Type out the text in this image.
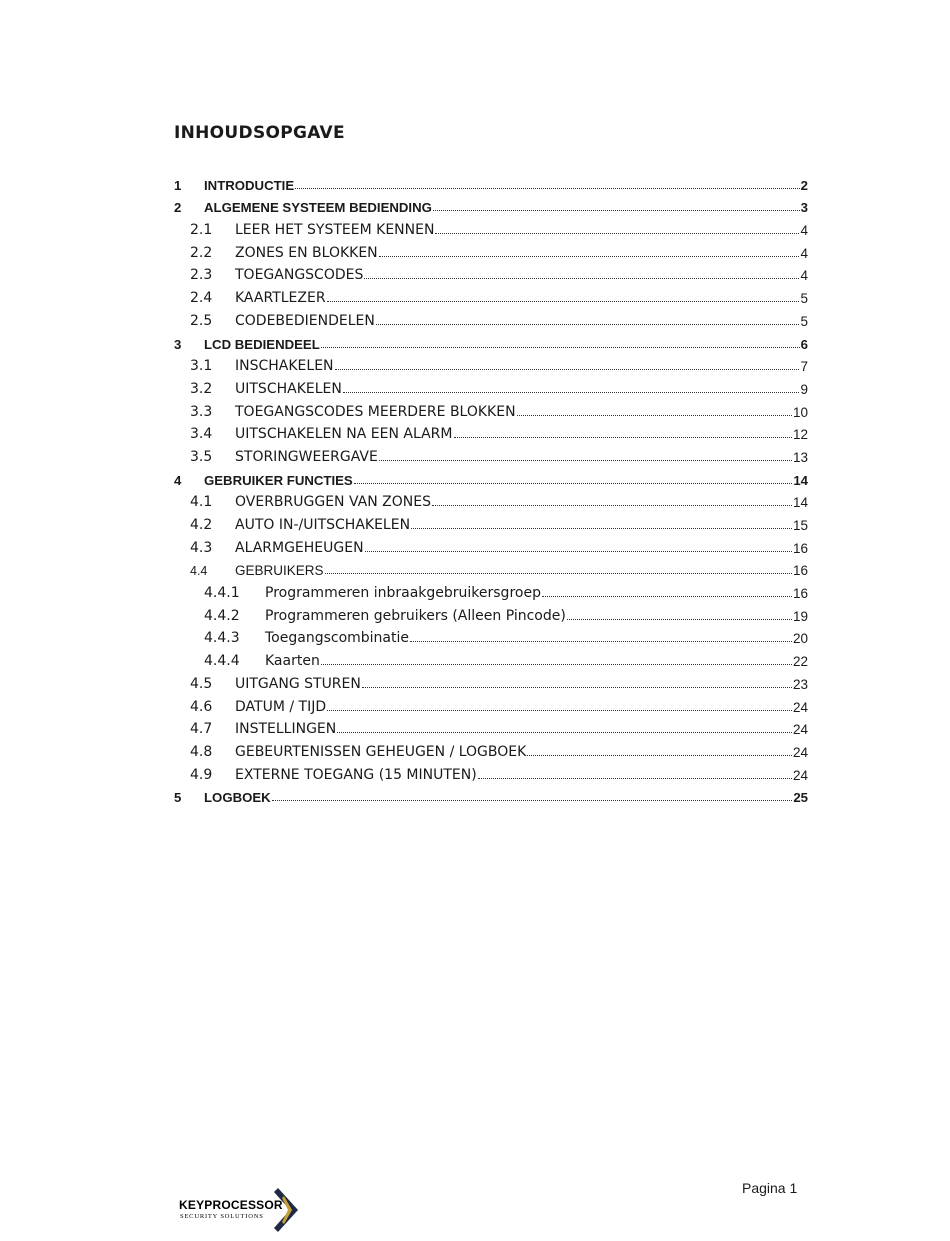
INHOUDSOPGAVE
1	INTRODUCTIE	2
2	ALGEMENE SYSTEEM BEDIENDING	3
2.1	LEER HET SYSTEEM KENNEN	4
2.2	ZONES EN BLOKKEN	4
2.3	TOEGANGSCODES	4
2.4	KAARTLEZER	5
2.5	CODEBEDIENDELEN	5
3	LCD BEDIENDEEL	6
3.1	INSCHAKELEN	7
3.2	UITSCHAKELEN	9
3.3	TOEGANGSCODES MEERDERE BLOKKEN	10
3.4	UITSCHAKELEN NA EEN ALARM	12
3.5	STORINGWEERGAVE	13
4	GEBRUIKER FUNCTIES	14
4.1	OVERBRUGGEN VAN ZONES	14
4.2	AUTO IN-/UITSCHAKELEN	15
4.3	ALARMGEHEUGEN	16
4.4	GEBRUIKERS	16
4.4.1	Programmeren inbraakgebruikersgroep	16
4.4.2	Programmeren gebruikers (Alleen Pincode)	19
4.4.3	Toegangscombinatie	20
4.4.4	Kaarten	22
4.5	UITGANG STUREN	23
4.6	DATUM / TIJD	24
4.7	INSTELLINGEN	24
4.8	GEBEURTENISSEN GEHEUGEN / LOGBOEK	24
4.9	EXTERNE TOEGANG (15 MINUTEN)	24
5	LOGBOEK	25
Pagina 1
KEYPROCESSOR
SECURITY SOLUTIONS
